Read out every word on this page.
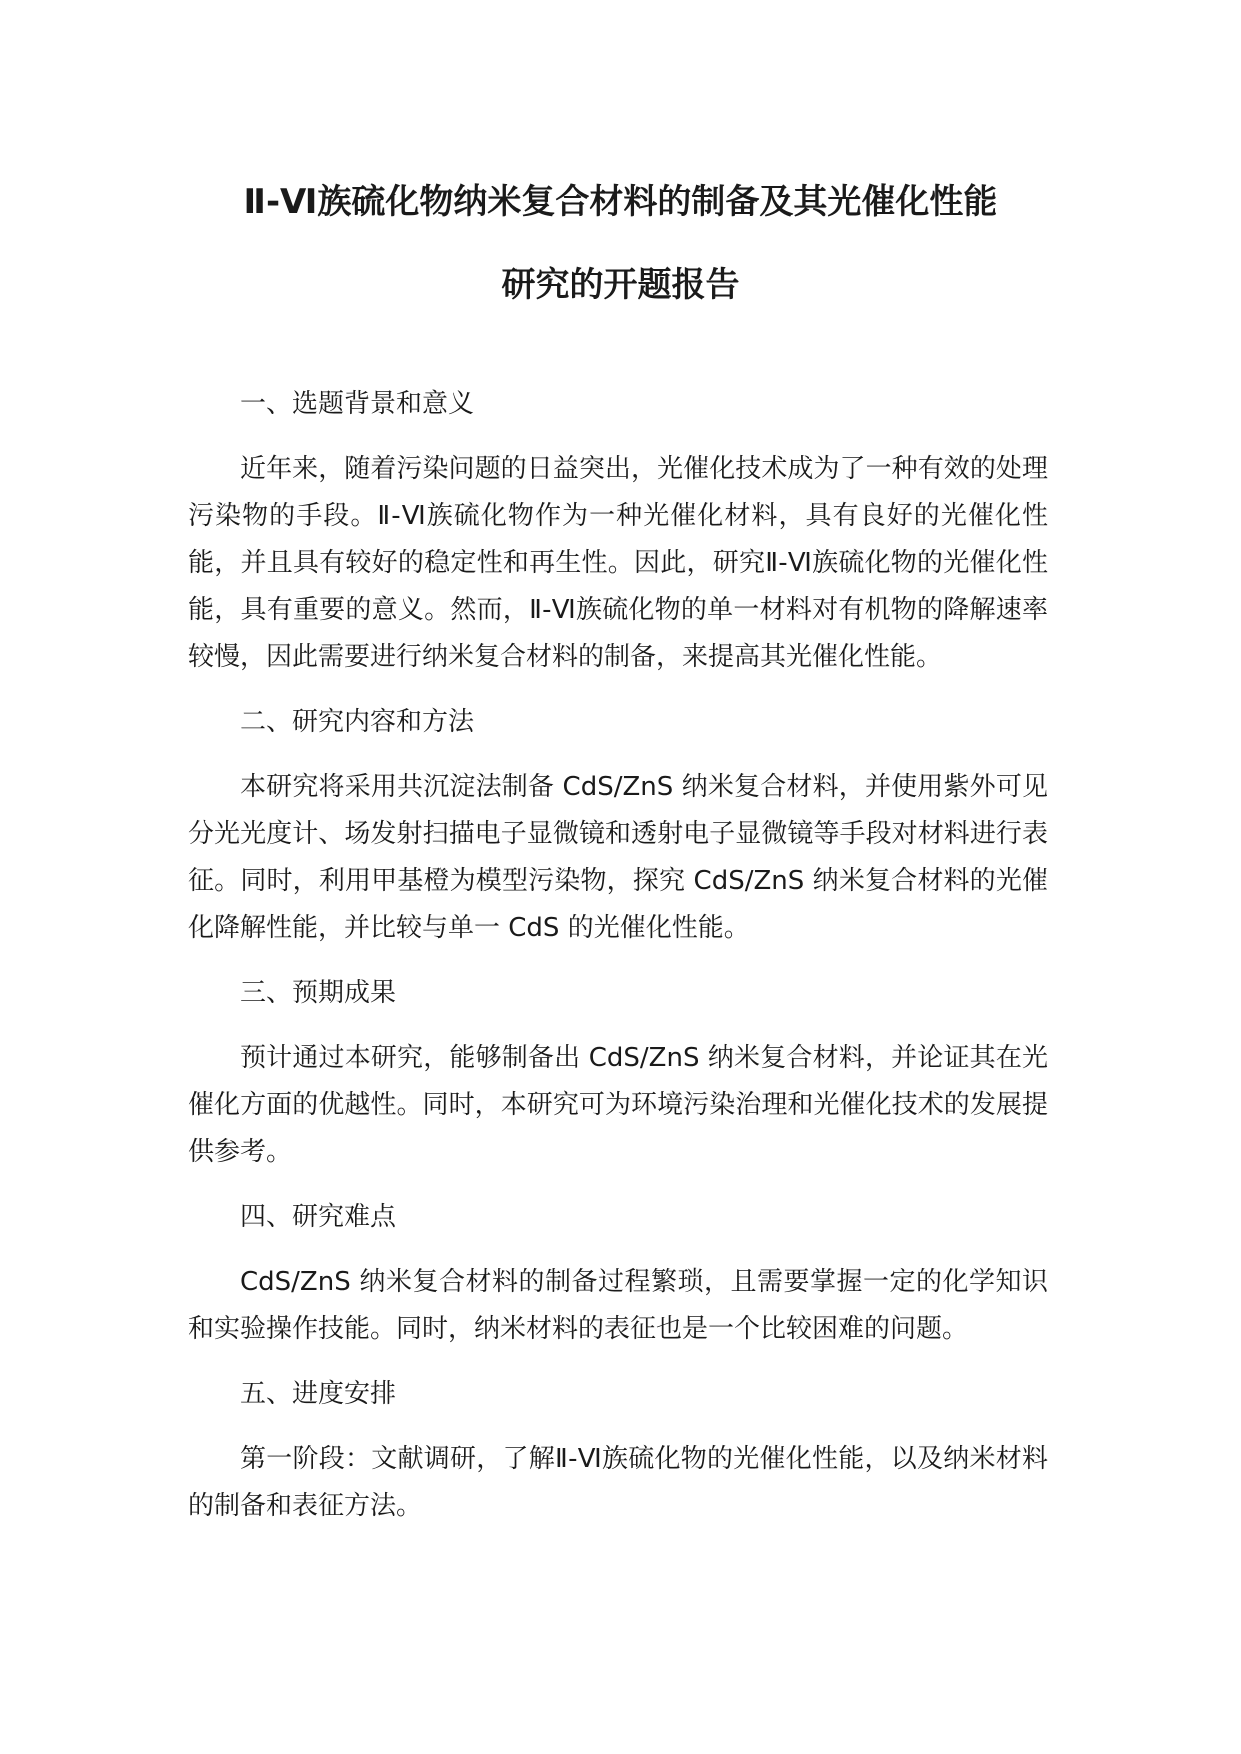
Ⅱ-Ⅵ族硫化物纳米复合材料的制备及其光催化性能
研究的开题报告

一、选题背景和意义

近年来，随着污染问题的日益突出，光催化技术成为了一种有效的处理污染物的手段。Ⅱ-Ⅵ族硫化物作为一种光催化材料，具有良好的光催化性能，并且具有较好的稳定性和再生性。因此，研究Ⅱ-Ⅵ族硫化物的光催化性能，具有重要的意义。然而，Ⅱ-Ⅵ族硫化物的单一材料对有机物的降解速率较慢，因此需要进行纳米复合材料的制备，来提高其光催化性能。

二、研究内容和方法

本研究将采用共沉淀法制备 CdS/ZnS 纳米复合材料，并使用紫外可见分光光度计、场发射扫描电子显微镜和透射电子显微镜等手段对材料进行表征。同时，利用甲基橙为模型污染物，探究 CdS/ZnS 纳米复合材料的光催化降解性能，并比较与单一 CdS 的光催化性能。

三、预期成果

预计通过本研究，能够制备出 CdS/ZnS 纳米复合材料，并论证其在光催化方面的优越性。同时，本研究可为环境污染治理和光催化技术的发展提供参考。

四、研究难点

CdS/ZnS 纳米复合材料的制备过程繁琐，且需要掌握一定的化学知识和实验操作技能。同时，纳米材料的表征也是一个比较困难的问题。

五、进度安排

第一阶段：文献调研，了解Ⅱ-Ⅵ族硫化物的光催化性能，以及纳米材料的制备和表征方法。
